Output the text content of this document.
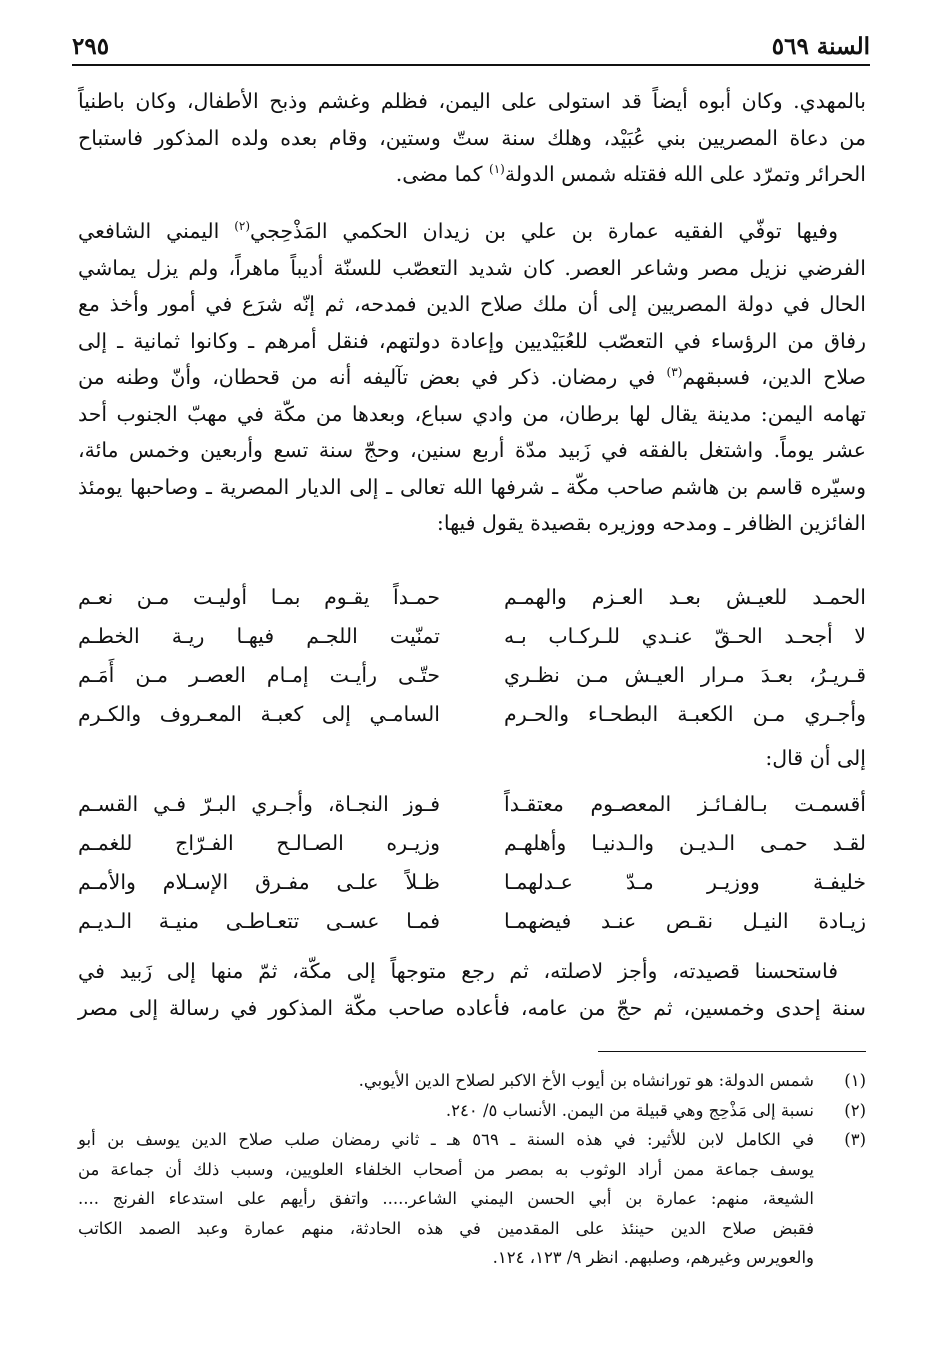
السنة ٥٦٩
٢٩٥
بالمهدي. وكان أبوه أيضاً قد استولى على اليمن، فظلم وغشم وذبح الأطفال، وكان باطنياً
من دعاة المصريين بني عُبَيْد، وهلك سنة ستّ وستين، وقام بعده ولده المذكور فاستباح
الحرائر وتمرّد على الله فقتله شمس الدولة$^{(١)}$ كما مضى.
وفيها توفّي الفقيه عمارة بن علي بن زيدان الحكمي المَذْحِجي$^{(٢)}$ اليمني الشافعي
الفرضي نزيل مصر وشاعر العصر. كان شديد التعصّب للسنّة أديباً ماهراً، ولم يزل يماشي
الحال في دولة المصريين إلى أن ملك صلاح الدين فمدحه، ثم إنّه شرَع في أمور وأخذ مع
رفاق من الرؤساء في التعصّب للعُبَيْديين وإعادة دولتهم، فنقل أمرهم ـ وكانوا ثمانية ـ إلى
صلاح الدين، فسبقهم$^{(٣)}$ في رمضان. ذكر في بعض تآليفه أنه من قحطان، وأنّ وطنه من
تهامه اليمن: مدينة يقال لها برطان، من وادي سباع، وبعدها من مكّة في مهبّ الجنوب أحد
عشر يوماً. واشتغل بالفقه في زَبيد مدّة أربع سنين، وحجّ سنة تسع وأربعين وخمس مائة،
وسيّره قاسم بن هاشم صاحب مكّة ـ شرفها الله تعالى ـ إلى الديار المصرية ـ وصاحبها يومئذ
الفائزين الظافر ـ ومدحه ووزيره بقصيدة يقول فيها:
الحمـد للعيـش بعـد العـزم والهمـم
حمـداً يقـوم بمـا أوليـت مـن نعـم
لا أجحـد الحـقّ عنـدي للـركـاب بـه
تمنّيت اللجـم فيهـا ريـة الخطـم
قـريـرُ، بعـدَ مـرار العيـش مـن نظـري
حتّـى رأيـت إمـام العصـر مـن أَمَـم
وأجـري مـن الكعبـة البطحـاء والحـرم
السامـي إلى كعبـة المعـروف والكـرم
إلى أن قال:
أقسمـت بـالفـائـز المعصـوم معتقـداً
فـوز النجـاة، وأجـري البـرّ فـي القسـم
لقـد حمـى الـديـن والـدنيـا وأهلهـم
وزيـره الصـالـح الفـرّاج للغمـم
خليفـة ووزيـر مـدّ عـدلهمـا
ظـلاً علـى مفـرق الإسـلام والأمـم
زيـادة النيـل نقـص عنـد فيضهمـا
فمـا عسـى تتعـاطـى منيـة الـديـم
فاستحسنا قصيدته، وأجز لاصلته، ثم رجع متوجهاً إلى مكّة، ثمّ منها إلى زَبيد في
سنة إحدى وخمسين، ثم حجّ من عامه، فأعاده صاحب مكّة المذكور في رسالة إلى مصر
(١)
شمس الدولة: هو تورانشاه بن أيوب الأخ الاكبر لصلاح الدين الأيوبي.
(٢)
نسبة إلى مَذْحِج وهي قبيلة من اليمن. الأنساب ٥/ ٢٤٠.
(٣)
في الكامل لابن للأثير: في هذه السنة ـ ٥٦٩ هـ ـ ثاني رمضان صلب صلاح الدين يوسف بن أبو
يوسف جماعة ممن أراد الوثوب به بمصر من أصحاب الخلفاء العلويين، وسبب ذلك أن جماعة من
الشيعة، منهم: عمارة بن أبي الحسن اليمني الشاعر..... واتفق رأيهم على استدعاء الفرنج ....
فقبض صلاح الدين حينئذ على المقدمين في هذه الحادثة، منهم عمارة وعبد الصمد الكاتب
والعويرس وغيرهم، وصلبهم. انظر ٩/ ١٢٣، ١٢٤.
